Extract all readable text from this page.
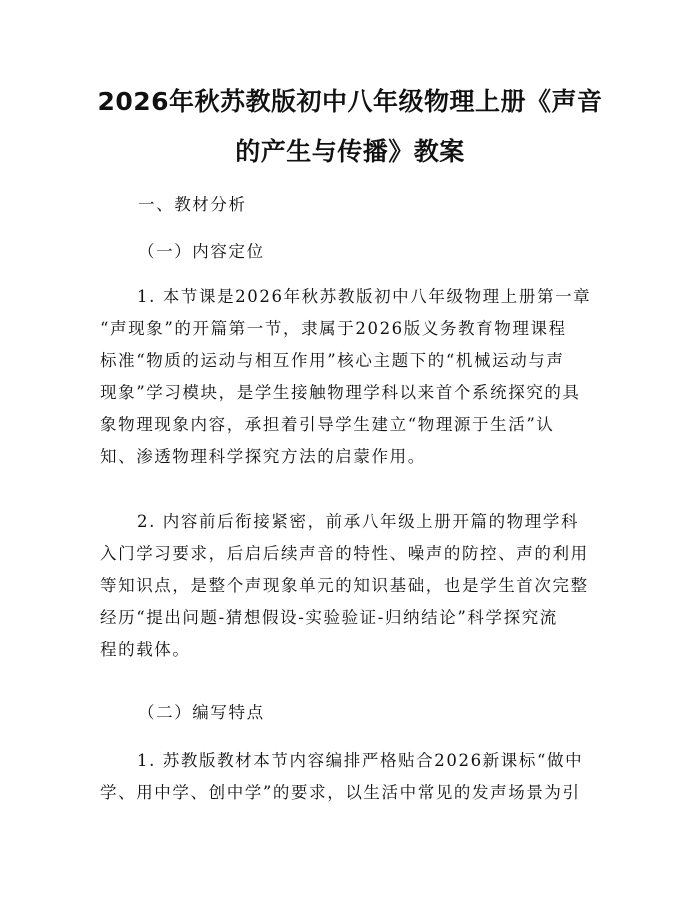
2026年秋苏教版初中八年级物理上册《声音
的产生与传播》教案

一、教材分析

（一）内容定位

1. 本节课是2026年秋苏教版初中八年级物理上册第一章
“声现象”的开篇第一节，隶属于2026版义务教育物理课程
标准“物质的运动与相互作用”核心主题下的“机械运动与声
现象”学习模块，是学生接触物理学科以来首个系统探究的具
象物理现象内容，承担着引导学生建立“物理源于生活”认
知、渗透物理科学探究方法的启蒙作用。
2. 内容前后衔接紧密，前承八年级上册开篇的物理学科
入门学习要求，后启后续声音的特性、噪声的防控、声的利用
等知识点，是整个声现象单元的知识基础，也是学生首次完整
经历“提出问题-猜想假设-实验验证-归纳结论”科学探究流
程的载体。

（二）编写特点

1. 苏教版教材本节内容编排严格贴合2026新课标“做中
学、用中学、创中学”的要求，以生活中常见的发声场景为引
